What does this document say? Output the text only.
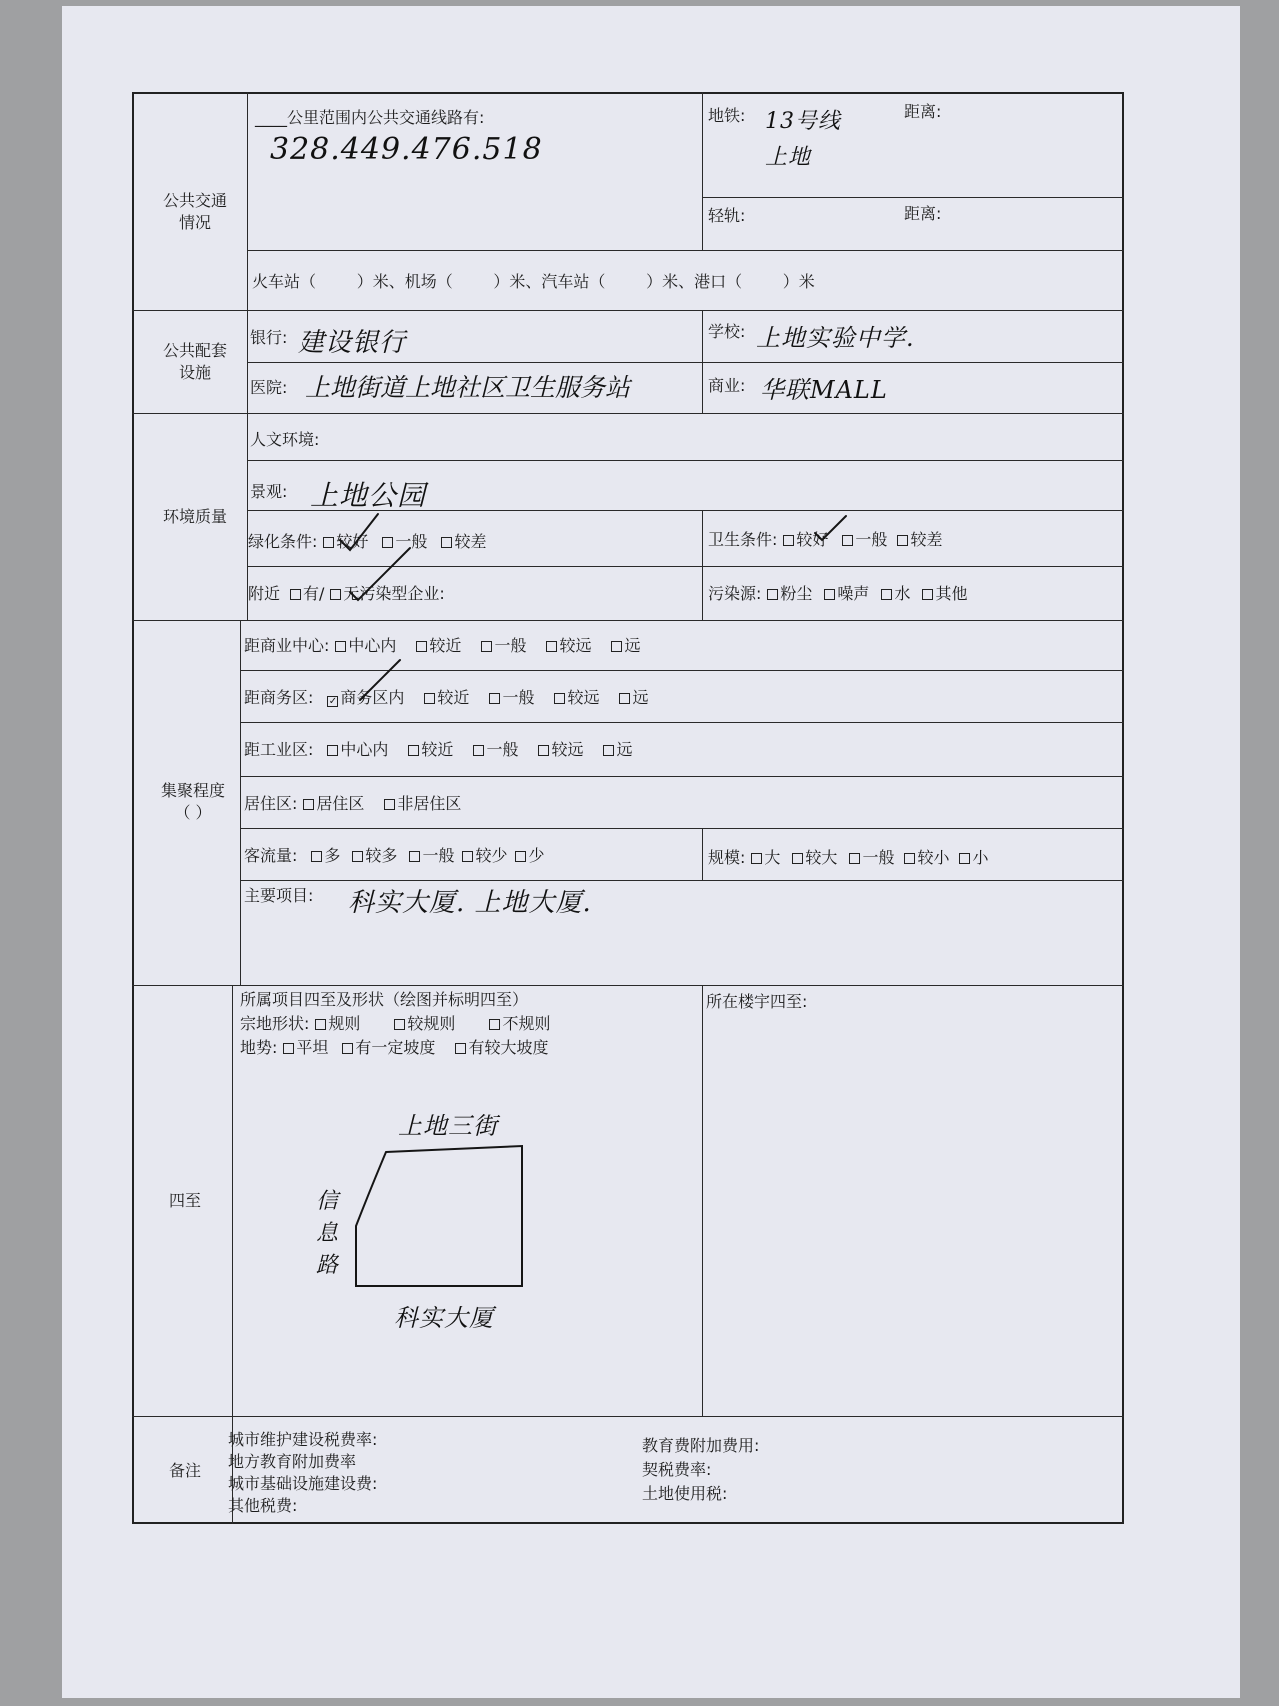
公共交通
情况
____公里范围内公共交通线路有:
328.449.476.518
地铁: 13号线
上地
距离:
轻轨:	距离:
火车站（        ）米、机场（        ）米、汽车站（        ）米、港口（        ）米
公共配套
设施
银行: 建设银行	学校: 上地实验中学.
医院: 上地街道上地社区卫生服务站	商业: 华联MALL
环境质量
人文环境:
景观: 上地公园
绿化条件: 较好 一般 较差	卫生条件: 较好 一般 较差
附近 有/ 无污染型企业:	污染源: 粉尘 噪声 水 其他
集聚程度
（ ）
距商业中心: 中心内 较近 一般 较远 远
距商务区: ✓ 商务区内 较近 一般 较远 远
距工业区: 中心内 较近 一般 较远 远
居住区: 居住区 非居住区
客流量: 多 较多 一般 较少 少	规模: 大 较大 一般 较小 小
主要项目: 科实大厦. 上地大厦.
四至
所属项目四至及形状（绘图并标明四至）
宗地形状: 规则	较规则	不规则
地势: 平坦 有一定坡度 有较大坡度
所在楼宇四至:
上地三街
信息路
科实大厦
备注
城市维护建设税费率:
地方教育附加费率
城市基础设施建设费:
其他税费:
教育费附加费用:
契税费率:
土地使用税:
